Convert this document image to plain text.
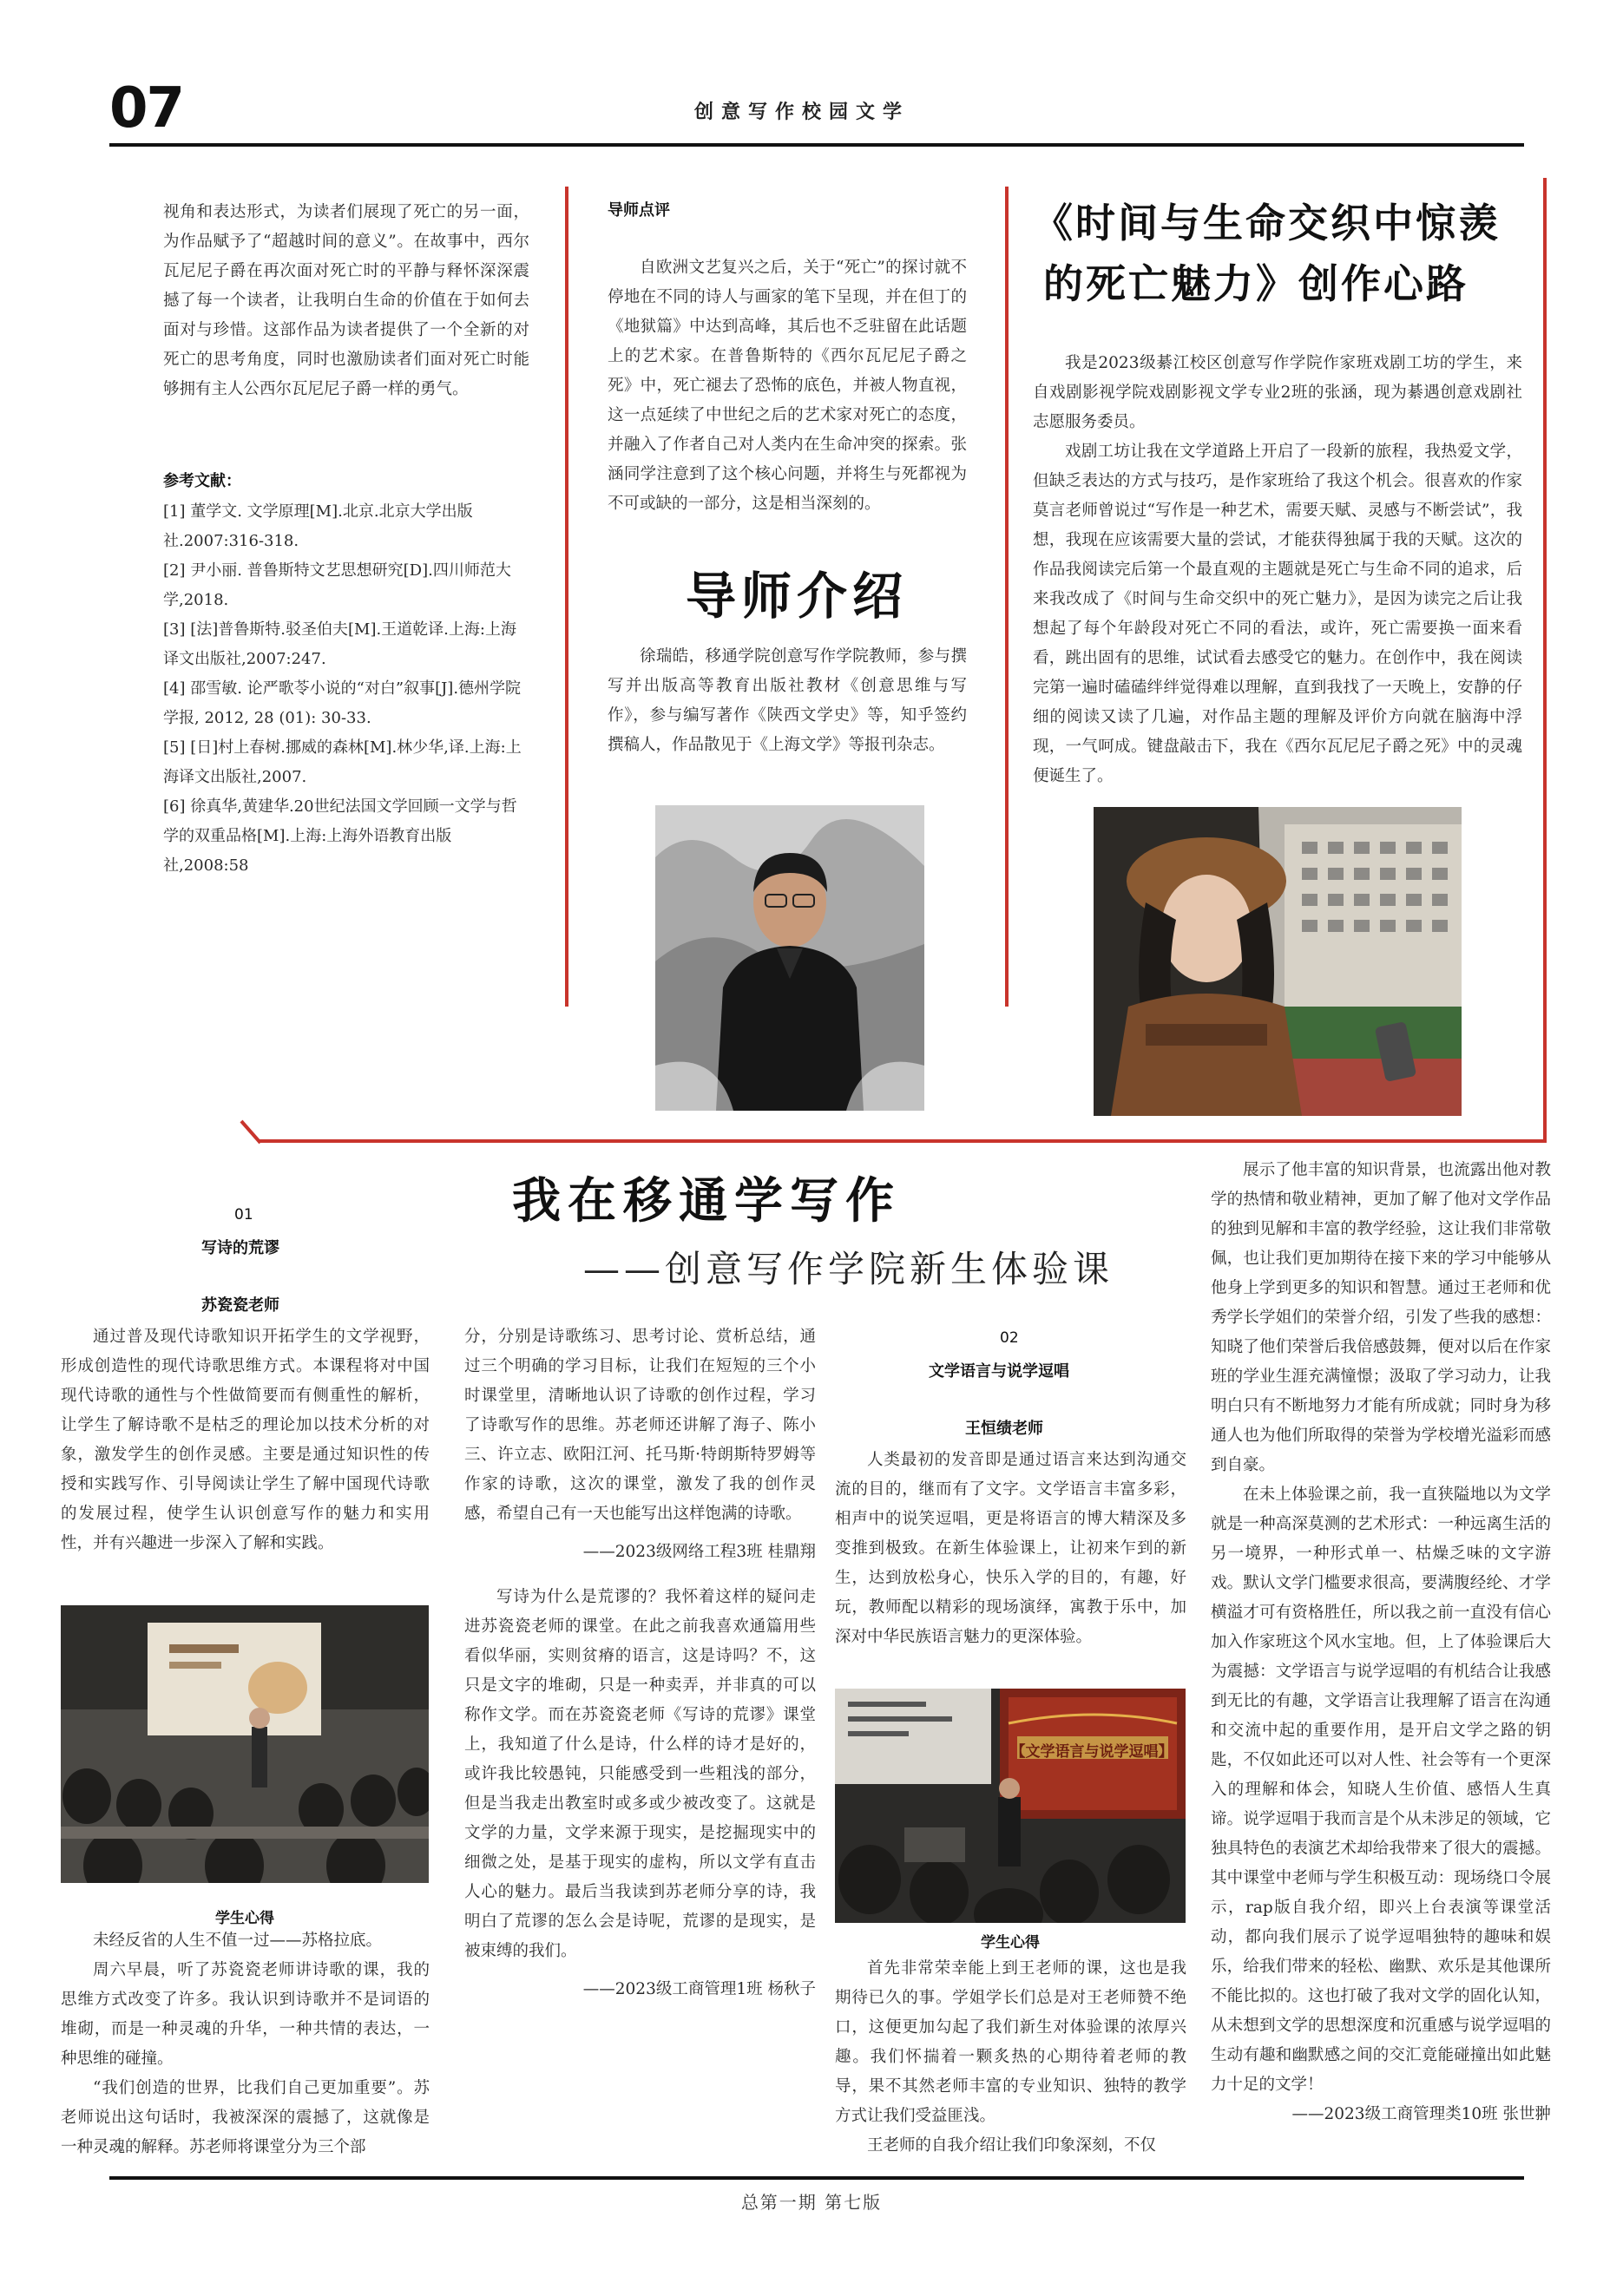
07	创意写作校园文学

视角和表达形式，为读者们展现了死亡的另一面，为作品赋予了“超越时间的意义”。在故事中，西尔瓦尼尼子爵在再次面对死亡时的平静与释怀深深震撼了每一个读者，让我明白生命的价值在于如何去面对与珍惜。这部作品为读者提供了一个全新的对死亡的思考角度，同时也激励读者们面对死亡时能够拥有主人公西尔瓦尼尼子爵一样的勇气。

参考文献：
[1] 董学文. 文学原理[M].北京.北京大学出版社.2007:316-318.
[2] 尹小丽. 普鲁斯特文艺思想研究[D].四川师范大学,2018.
[3] [法]普鲁斯特.驳圣伯夫[M].王道乾译.上海:上海译文出版社,2007:247.
[4] 邵雪敏. 论严歌苓小说的“对白”叙事[J].德州学院学报, 2012, 28 (01): 30-33.
[5] [日]村上春树.挪威的森林[M].林少华,译.上海:上海译文出版社,2007.
[6] 徐真华,黄建华.20世纪法国文学回顾一文学与哲学的双重品格[M].上海:上海外语教育出版社,2008:58
导师点评

自欧洲文艺复兴之后，关于“死亡”的探讨就不停地在不同的诗人与画家的笔下呈现，并在但丁的《地狱篇》中达到高峰，其后也不乏驻留在此话题上的艺术家。在普鲁斯特的《西尔瓦尼尼子爵之死》中，死亡褪去了恐怖的底色，并被人物直视，这一点延续了中世纪之后的艺术家对死亡的态度，并融入了作者自己对人类内在生命冲突的探索。张涵同学注意到了这个核心问题，并将生与死都视为不可或缺的一部分，这是相当深刻的。

导师介绍

徐瑞皓，移通学院创意写作学院教师，参与撰写并出版高等教育出版社教材《创意思维与写作》，参与编写著作《陕西文学史》等，知乎签约撰稿人，作品散见于《上海文学》等报刊杂志。

《时间与生命交织中惊羡
的死亡魅力》创作心路

我是2023级綦江校区创意写作学院作家班戏剧工坊的学生，来自戏剧影视学院戏剧影视文学专业2班的张涵，现为綦遇创意戏剧社志愿服务委员。

戏剧工坊让我在文学道路上开启了一段新的旅程，我热爱文学，但缺乏表达的方式与技巧，是作家班给了我这个机会。很喜欢的作家莫言老师曾说过“写作是一种艺术，需要天赋、灵感与不断尝试”，我想，我现在应该需要大量的尝试，才能获得独属于我的天赋。这次的作品我阅读完后第一个最直观的主题就是死亡与生命不同的追求，后来我改成了《时间与生命交织中的死亡魅力》，是因为读完之后让我想起了每个年龄段对死亡不同的看法，或许，死亡需要换一面来看看，跳出固有的思维，试试看去感受它的魅力。在创作中，我在阅读完第一遍时磕磕绊绊觉得难以理解，直到我找了一天晚上，安静的仔细的阅读又读了几遍，对作品主题的理解及评价方向就在脑海中浮现，一气呵成。键盘敲击下，我在《西尔瓦尼尼子爵之死》中的灵魂便诞生了。

我在移通学写作
——创意写作学院新生体验课
01
写诗的荒谬
苏瓷瓷老师

通过普及现代诗歌知识开拓学生的文学视野，形成创造性的现代诗歌思维方式。本课程将对中国现代诗歌的通性与个性做简要而有侧重性的解析，让学生了解诗歌不是枯乏的理论加以技术分析的对象，激发学生的创作灵感。主要是通过知识性的传授和实践写作、引导阅读让学生了解中国现代诗歌的发展过程，使学生认识创意写作的魅力和实用性，并有兴趣进一步深入了解和实践。

学生心得

未经反省的人生不值一过——苏格拉底。

周六早晨，听了苏瓷瓷老师讲诗歌的课，我的思维方式改变了许多。我认识到诗歌并不是词语的堆砌，而是一种灵魂的升华，一种共情的表达，一种思维的碰撞。

“我们创造的世界，比我们自己更加重要”。苏老师说出这句话时，我被深深的震撼了，这就像是一种灵魂的解释。苏老师将课堂分为三个部

分，分别是诗歌练习、思考讨论、赏析总结，通过三个明确的学习目标，让我们在短短的三个小时课堂里，清晰地认识了诗歌的创作过程，学习了诗歌写作的思维。苏老师还讲解了海子、陈小三、许立志、欧阳江河、托马斯·特朗斯特罗姆等作家的诗歌，这次的课堂，激发了我的创作灵感，希望自己有一天也能写出这样饱满的诗歌。

——2023级网络工程3班 桂鼎翔

写诗为什么是荒谬的？我怀着这样的疑问走进苏瓷瓷老师的课堂。在此之前我喜欢通篇用些看似华丽，实则贫瘠的语言，这是诗吗？不，这只是文字的堆砌，只是一种卖弄，并非真的可以称作文学。而在苏瓷瓷老师《写诗的荒谬》课堂上，我知道了什么是诗，什么样的诗才是好的，或许我比较愚钝，只能感受到一些粗浅的部分，但是当我走出教室时或多或少被改变了。这就是文学的力量，文学来源于现实，是挖掘现实中的细微之处，是基于现实的虚构，所以文学有直击人心的魅力。最后当我读到苏老师分享的诗，我明白了荒谬的怎么会是诗呢，荒谬的是现实，是被束缚的我们。

——2023级工商管理1班 杨秋子

02
文学语言与说学逗唱
王恒绩老师

人类最初的发音即是通过语言来达到沟通交流的目的，继而有了文字。文学语言丰富多彩，相声中的说笑逗唱，更是将语言的博大精深及多变推到极致。在新生体验课上，让初来乍到的新生，达到放松身心，快乐入学的目的，有趣，好玩，教师配以精彩的现场演绎，寓教于乐中，加深对中华民族语言魅力的更深体验。

【文学语言与说学逗唱】
学生心得

首先非常荣幸能上到王老师的课，这也是我期待已久的事。学姐学长们总是对王老师赞不绝口，这便更加勾起了我们新生对体验课的浓厚兴趣。我们怀揣着一颗炙热的心期待着老师的教导，果不其然老师丰富的专业知识、独特的教学方式让我们受益匪浅。

王老师的自我介绍让我们印象深刻，不仅

展示了他丰富的知识背景，也流露出他对教学的热情和敬业精神，更加了解了他对文学作品的独到见解和丰富的教学经验，这让我们非常敬佩，也让我们更加期待在接下来的学习中能够从他身上学到更多的知识和智慧。通过王老师和优秀学长学姐们的荣誉介绍，引发了些我的感想：知晓了他们荣誉后我倍感鼓舞，便对以后在作家班的学业生涯充满憧憬；汲取了学习动力，让我明白只有不断地努力才能有所成就；同时身为移通人也为他们所取得的荣誉为学校增光溢彩而感到自豪。

在未上体验课之前，我一直狭隘地以为文学就是一种高深莫测的艺术形式：一种远离生活的另一境界，一种形式单一、枯燥乏味的文字游戏。默认文学门槛要求很高，要满腹经纶、才学横溢才可有资格胜任，所以我之前一直没有信心加入作家班这个风水宝地。但，上了体验课后大为震撼：文学语言与说学逗唱的有机结合让我感到无比的有趣，文学语言让我理解了语言在沟通和交流中起的重要作用，是开启文学之路的钥匙，不仅如此还可以对人性、社会等有一个更深入的理解和体会，知晓人生价值、感悟人生真谛。说学逗唱于我而言是个从未涉足的领域，它独具特色的表演艺术却给我带来了很大的震撼。其中课堂中老师与学生积极互动：现场绕口令展示，rap版自我介绍，即兴上台表演等课堂活动，都向我们展示了说学逗唱独特的趣味和娱乐，给我们带来的轻松、幽默、欢乐是其他课所不能比拟的。这也打破了我对文学的固化认知，从未想到文学的思想深度和沉重感与说学逗唱的生动有趣和幽默感之间的交汇竟能碰撞出如此魅力十足的文学！

——2023级工商管理类10班 张世翀

总第一期 第七版
